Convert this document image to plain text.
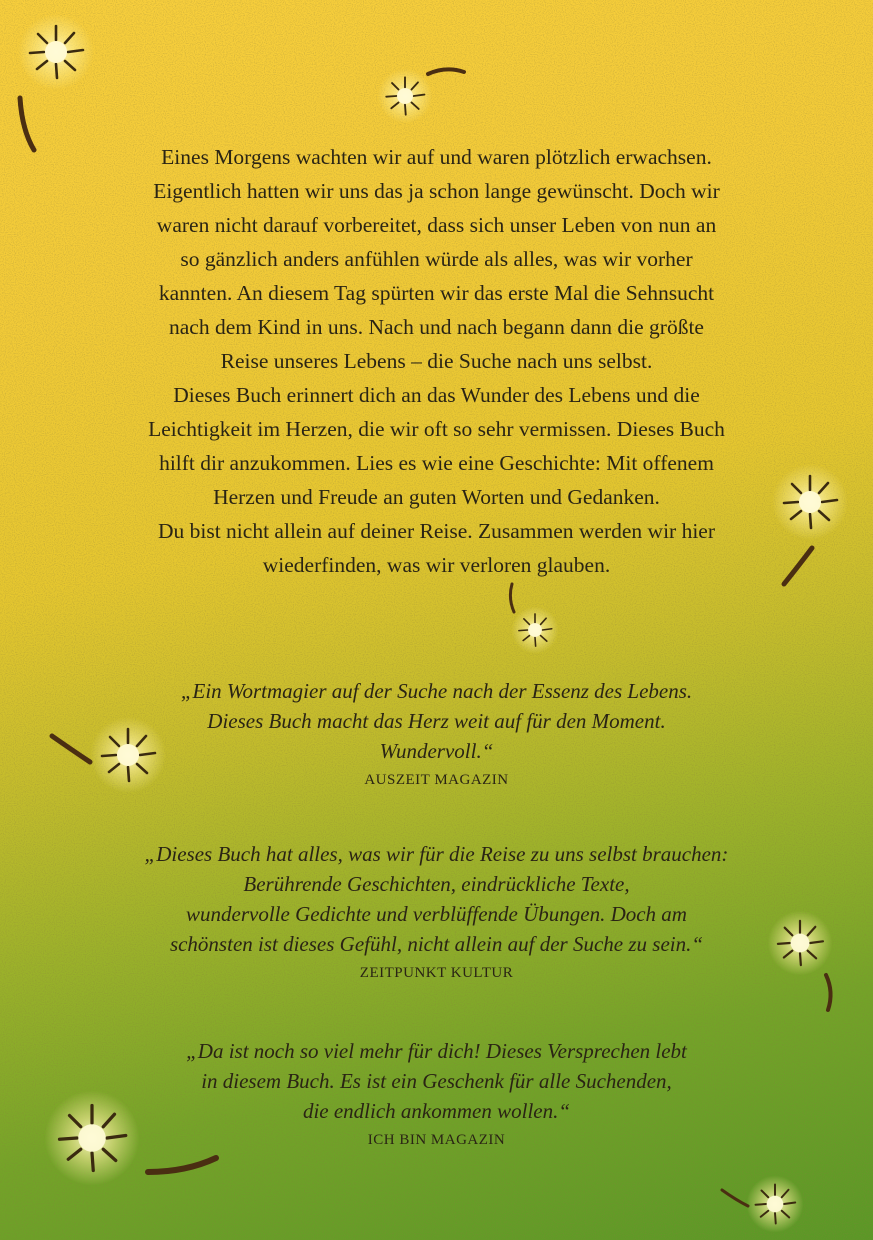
Eines Morgens wachten wir auf und waren plötzlich erwachsen.

Eigentlich hatten wir uns das ja schon lange gewünscht. Doch wir

waren nicht darauf vorbereitet, dass sich unser Leben von nun an

so gänzlich anders anfühlen würde als alles, was wir vorher

kannten. An diesem Tag spürten wir das erste Mal die Sehnsucht

nach dem Kind in uns. Nach und nach begann dann die größte

Reise unseres Lebens – die Suche nach uns selbst.

Dieses Buch erinnert dich an das Wunder des Lebens und die

Leichtigkeit im Herzen, die wir oft so sehr vermissen. Dieses Buch

hilft dir anzukommen. Lies es wie eine Geschichte: Mit offenem

Herzen und Freude an guten Worten und Gedanken.

Du bist nicht allein auf deiner Reise. Zusammen werden wir hier

wiederfinden, was wir verloren glauben.

„Ein Wortmagier auf der Suche nach der Essenz des Lebens.

Dieses Buch macht das Herz weit auf für den Moment.

Wundervoll.“

AUSZEIT MAGAZIN

„Dieses Buch hat alles, was wir für die Reise zu uns selbst brauchen:

Berührende Geschichten, eindrückliche Texte,

wundervolle Gedichte und verblüffende Übungen. Doch am

schönsten ist dieses Gefühl, nicht allein auf der Suche zu sein.“

ZEITPUNKT KULTUR

„Da ist noch so viel mehr für dich! Dieses Versprechen lebt

in diesem Buch. Es ist ein Geschenk für alle Suchenden,

die endlich ankommen wollen.“

ICH BIN MAGAZIN
